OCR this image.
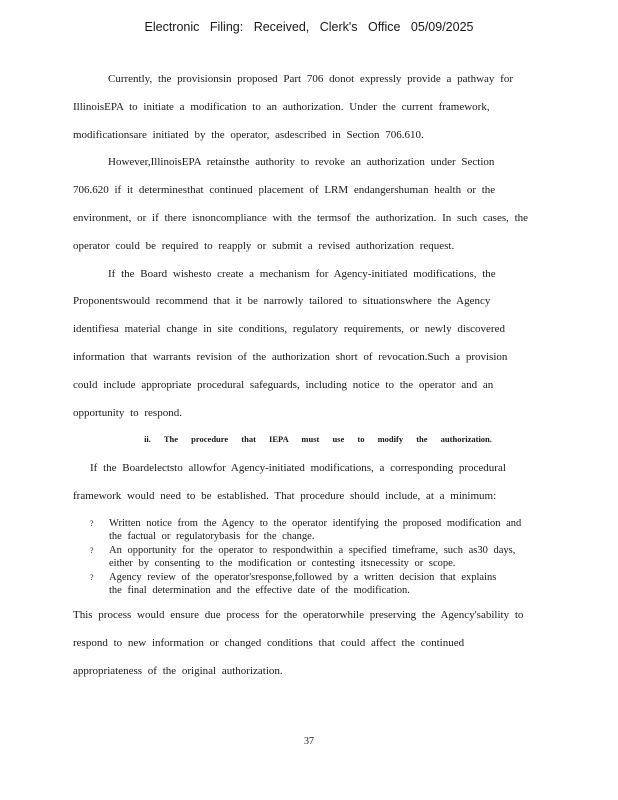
Electronic Filing: Received, Clerk's Office 05/09/2025
Currently, the provisionsin proposed Part 706 donot expressly provide a pathway for
IllinoisEPA to initiate a modification to an authorization. Under the current framework,
modificationsare initiated by the operator, asdescribed in Section 706.610.
However,IllinoisEPA retainsthe authority to revoke an authorization under Section
706.620 if it determinesthat continued placement of LRM endangershuman health or the
environment, or if there isnoncompliance with the termsof the authorization. In such cases, the
operator could be required to reapply or submit a revised authorization request.
If the Board wishesto create a mechanism for Agency-initiated modifications, the
Proponentswould recommend that it be narrowly tailored to situationswhere the Agency
identifiesa material change in site conditions, regulatory requirements, or newly discovered
information that warrants revision of the authorization short of revocation.Such a provision
could include appropriate procedural safeguards, including notice to the operator and an
opportunity to respond.
ii. The procedure that IEPA must use to modify the authorization.
If the Boardelectsto allowfor Agency-initiated modifications, a corresponding procedural
framework would need to be established. That procedure should include, at a minimum:
?	Written notice from the Agency to the operator identifying the proposed modification and
the factual or regulatorybasis for the change.
?	An opportunity for the operator to respondwithin a specified timeframe, such as30 days,
either by consenting to the modification or contesting itsnecessity or scope.
?	Agency review of the operator'sresponse,followed by a written decision that explains
the final determination and the effective date of the modification.
This process would ensure due process for the operatorwhile preserving the Agency'sability to
respond to new information or changed conditions that could affect the continued
appropriateness of the original authorization.
37
